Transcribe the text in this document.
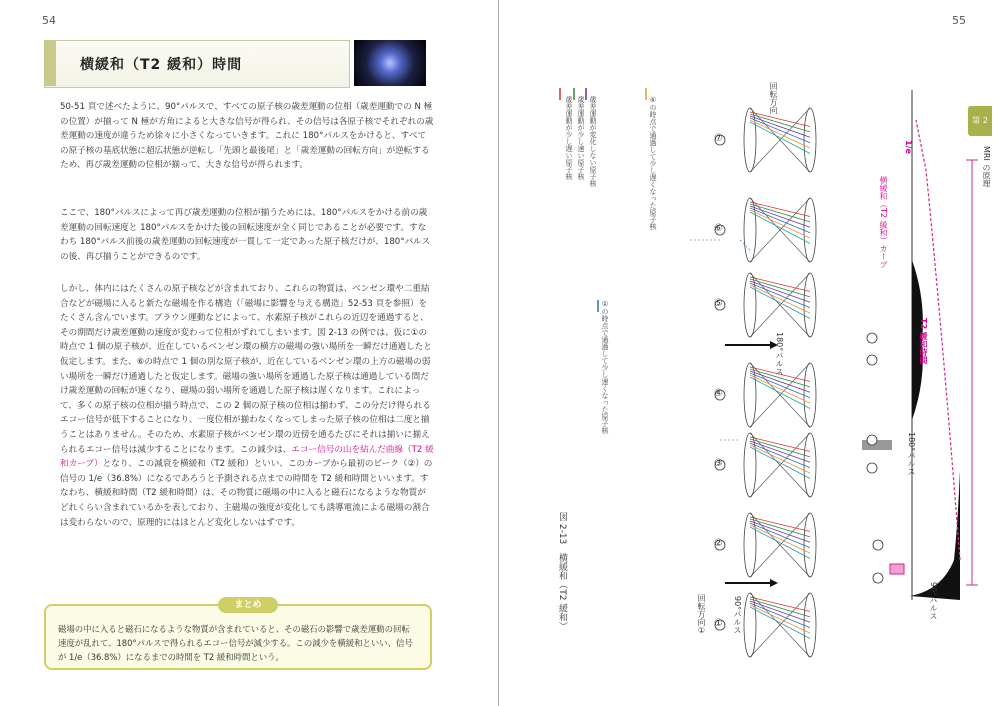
54
横緩和（T2 緩和）時間

50-51 頁で述べたように、90°パルスで、すべての原子核の歳差運動の位相（歳差運動での N 極の位置）が揃って N 極が方角によると大きな信号が得られ、その信号は各原子核でそれぞれの歳差運動の速度が違うため徐々に小さくなっていきます。これに 180°パルスをかけると、すべての原子核の基底状態に超広状態が逆転し「先頭と最後尾」と「歳差運動の回転方向」が逆転するため、再び歳差運動の位相が揃って、大きな信号が得られます。

ここで、180°パルスによって再び歳差運動の位相が揃うためには、180°パルスをかける前の歳差運動の回転速度と 180°パルスをかけた後の回転速度が全く同じであることが必要です。すなわち 180°パルス前後の歳差運動の回転速度が一貫して一定であった原子核だけが、180°パルスの後、再び揃うことができるのです。

しかし、体内にはたくさんの原子核などが含まれており、これらの物質は、ベンゼン環や二重結合などが磁場に入ると新たな磁場を作る構造（「磁場に影響を与える構造」52-53 頁を参照）をたくさん含んでいます。ブラウン運動などによって、水素原子核がこれらの近辺を通過すると、その期間だけ歳差運動の速度が変わって位相がずれてしまいます。図 2-13 の例では、仮に①の時点で 1 個の原子核が、近在しているベンゼン環の横方の磁場の強い場所を一瞬だけ通過したと仮定します。また、⑥の時点で 1 個の別な原子核が、近在しているベンゼン環の上方の磁場の弱い場所を一瞬だけ通過したと仮定します。磁場の強い場所を通過した原子核は通過している間だけ歳差運動の回転が速くなり、磁場の弱い場所を通過した原子核は遅くなります。これによって、多くの原子核の位相が揃う時点で、この 2 個の原子核の位相は揃わず、この分だけ得られるエコー信号が低下することになり、一度位相が揃わなくなってしまった原子核の位相は二度と揃うことはありません。そのため、水素原子核がベンゼン環の近傍を通るたびにそれは揃いに揃えられるエコー信号は減少することになります。この減少は、エコー信号の山を結んだ曲線（T2 緩和カーブ）となり、この減衰を横緩和（T2 緩和）といい、このカーブから最初のピーク（②）の信号の 1/e（36.8%）になるであろうと予測される点までの時間を T2 緩和時間といいます。すなわち、横緩和時間（T2 緩和時間）は、その物質に磁場の中に入ると磁石になるような物質がどれくらい含まれているかを表しており、主磁場の強度が変化しても誘導電流による磁場の割合は変わらないので、原理的にはほとんど変化しないはずです。

まとめ

磁場の中に入ると磁石になるような物質が含まれていると、その磁石の影響で歳差運動の回転速度が乱れて、180°パルスで得られるエコー信号が減少する。この減少を横緩和といい、信号が 1/e（36.8%）になるまでの時間を T2 緩和時間という。

55
第 2 章
MRI の原理
図 2-13　横緩和（T2 緩和）	回転方向①	90°パルス
180°パルス
180°パルス
90°パルス
横緩和（T2 緩和）カーブ
T2 緩和時間
1/e
回転方向
歳差運動が少し遅い原子核 歳差運動が少し速い原子核 歳差運動が変化しない原子核
①の時点で通過して少し速くなった原子核
⑥の時点で通過して少し遅くなった原子核
①
②
③
④
⑤
⑥
⑦
